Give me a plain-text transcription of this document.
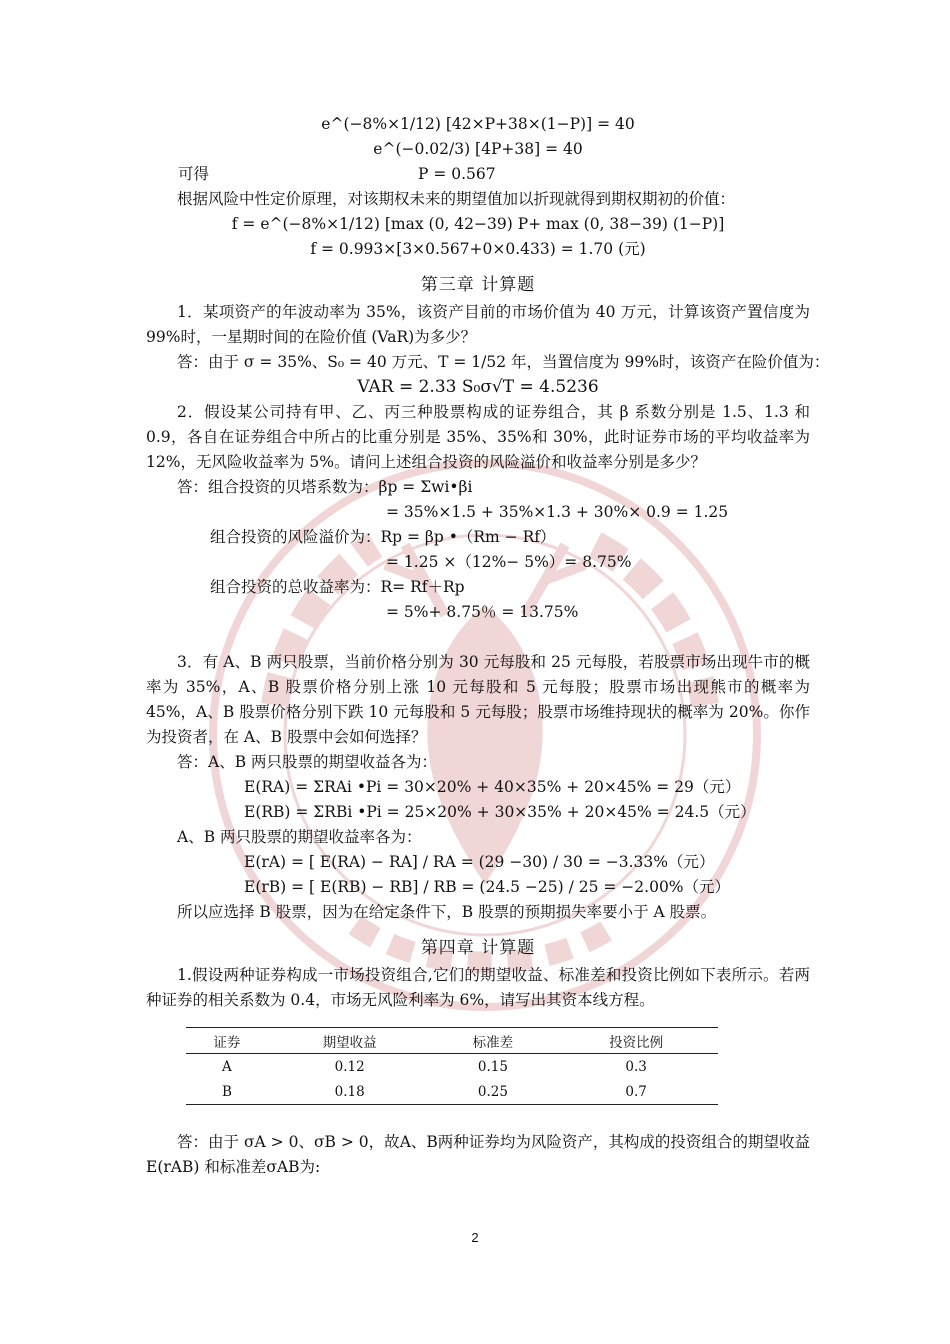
e^(−8%×1/12) [42×P+38×(1−P)] = 40
e^(−0.02/3) [4P+38] = 40
可得	P = 0.567
根据风险中性定价原理，对该期权未来的期望值加以折现就得到期权期初的价值：
f = e^(−8%×1/12) [max (0, 42−39) P+ max (0, 38−39) (1−P)]
f = 0.993×[3×0.567+0×0.433) = 1.70 (元)
第三章 计算题
1．某项资产的年波动率为 35%，该资产目前的市场价值为 40 万元，计算该资产置信度为 99%时，一星期时间的在险价值 (VaR)为多少？
答：由于 σ = 35%、S₀ = 40 万元、T = 1/52 年，当置信度为 99%时，该资产在险价值为：
VAR = 2.33 S₀σ√T = 4.5236
2．假设某公司持有甲、乙、丙三种股票构成的证券组合，其 β 系数分别是 1.5、1.3 和 0.9，各自在证券组合中所占的比重分别是 35%、35%和 30%，此时证券市场的平均收益率为 12%，无风险收益率为 5%。请问上述组合投资的风险溢价和收益率分别是多少？
答：组合投资的贝塔系数为：βp = Σwi•βi
= 35%×1.5 + 35%×1.3 + 30%× 0.9 = 1.25
组合投资的风险溢价为：Rp = βp •（Rm − Rf）
= 1.25 ×（12%− 5%）= 8.75%
组合投资的总收益率为：R= Rf＋Rp
= 5%+ 8.75％ = 13.75%
3．有 A、B 两只股票，当前价格分别为 30 元每股和 25 元每股，若股票市场出现牛市的概率为 35%，A、B 股票价格分别上涨 10 元每股和 5 元每股；股票市场出现熊市的概率为 45%，A、B 股票价格分别下跌 10 元每股和 5 元每股；股票市场维持现状的概率为 20%。你作为投资者，在 A、B 股票中会如何选择？
答：A、B 两只股票的期望收益各为：
E(RA) = ΣRAi •Pi = 30×20% + 40×35% + 20×45% = 29（元）
E(RB) = ΣRBi •Pi = 25×20% + 30×35% + 20×45% = 24.5（元）
A、B 两只股票的期望收益率各为：
E(rA) = [ E(RA) − RA] / RA = (29 −30) / 30 = −3.33%（元）
E(rB) = [ E(RB) − RB] / RB = (24.5 −25) / 25 = −2.00%（元）
所以应选择 B 股票，因为在给定条件下，B 股票的预期损失率要小于 A 股票。
第四章 计算题
1.假设两种证券构成一市场投资组合,它们的期望收益、标准差和投资比例如下表所示。若两种证券的相关系数为 0.4，市场无风险利率为 6%，请写出其资本线方程。
证券	期望收益	标准差	投资比例
A	0.12	0.15	0.3
B	0.18	0.25	0.7
答：由于 σA > 0、σB > 0，故A、B两种证券均为风险资产，其构成的投资组合的期望收益E(rAB) 和标准差σAB为:
2
